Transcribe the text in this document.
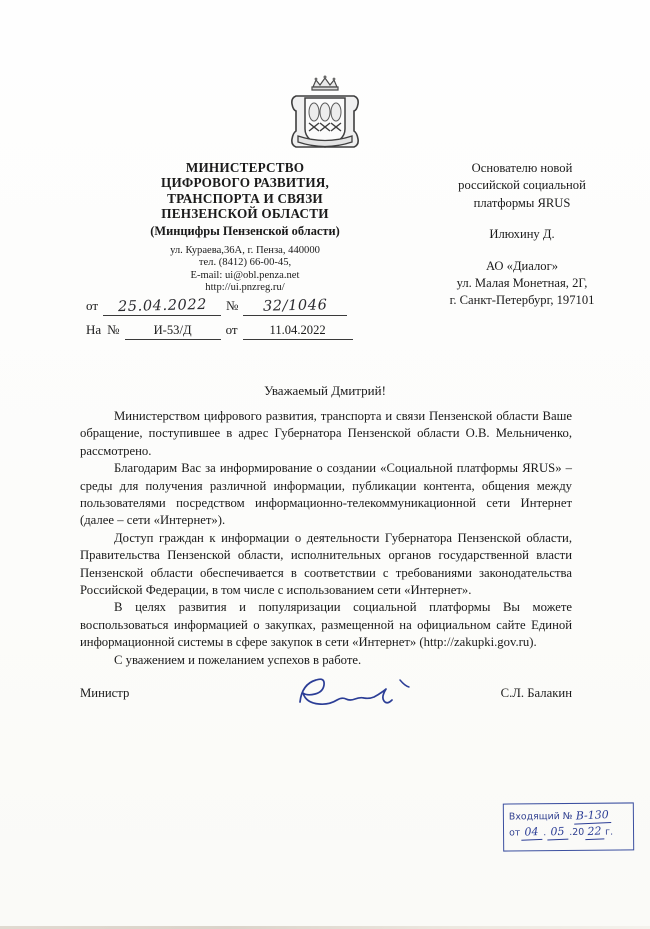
МИНИСТЕРСТВО
ЦИФРОВОГО РАЗВИТИЯ,
ТРАНСПОРТА И СВЯЗИ
ПЕНЗЕНСКОЙ ОБЛАСТИ
(Минцифры Пензенской области)
ул. Кураева,36А, г. Пенза, 440000
тел. (8412) 66-00-45,
E-mail: ui@obl.penza.net
http://ui.pnzreg.ru/
от	25.04.2022	№	32/1046
На №	И-53/Д	от	11.04.2022
Основателю новой
российской социальной
платформы ЯRUS
Илюхину Д.
АО «Диалог»
ул. Малая Монетная, 2Г,
г. Санкт-Петербург, 197101
Уважаемый Дмитрий!

Министерством цифрового развития, транспорта и связи Пензенской области Ваше обращение, поступившее в адрес Губернатора Пензенской области О.В. Мельниченко, рассмотрено.

Благодарим Вас за информирование о создании «Социальной платформы ЯRUS» – среды для получения различной информации, публикации контента, общения между пользователями посредством информационно-телекоммуникационной сети Интернет (далее – сети «Интернет»).

Доступ граждан к информации о деятельности Губернатора Пензенской области, Правительства Пензенской области, исполнительных органов государственной власти Пензенской области обеспечивается в соответствии с требованиями законодательства Российской Федерации, в том числе с использованием сети «Интернет».

В целях развития и популяризации социальной платформы Вы можете воспользоваться информацией о закупках, размещенной на официальном сайте Единой информационной системы в сфере закупок в сети «Интернет» (http://zakupki.gov.ru).

С уважением и пожеланием успехов в работе.

Министр	С.Л. Балакин
Входящий № В-130
от 04 . 05 .20 22 г.
